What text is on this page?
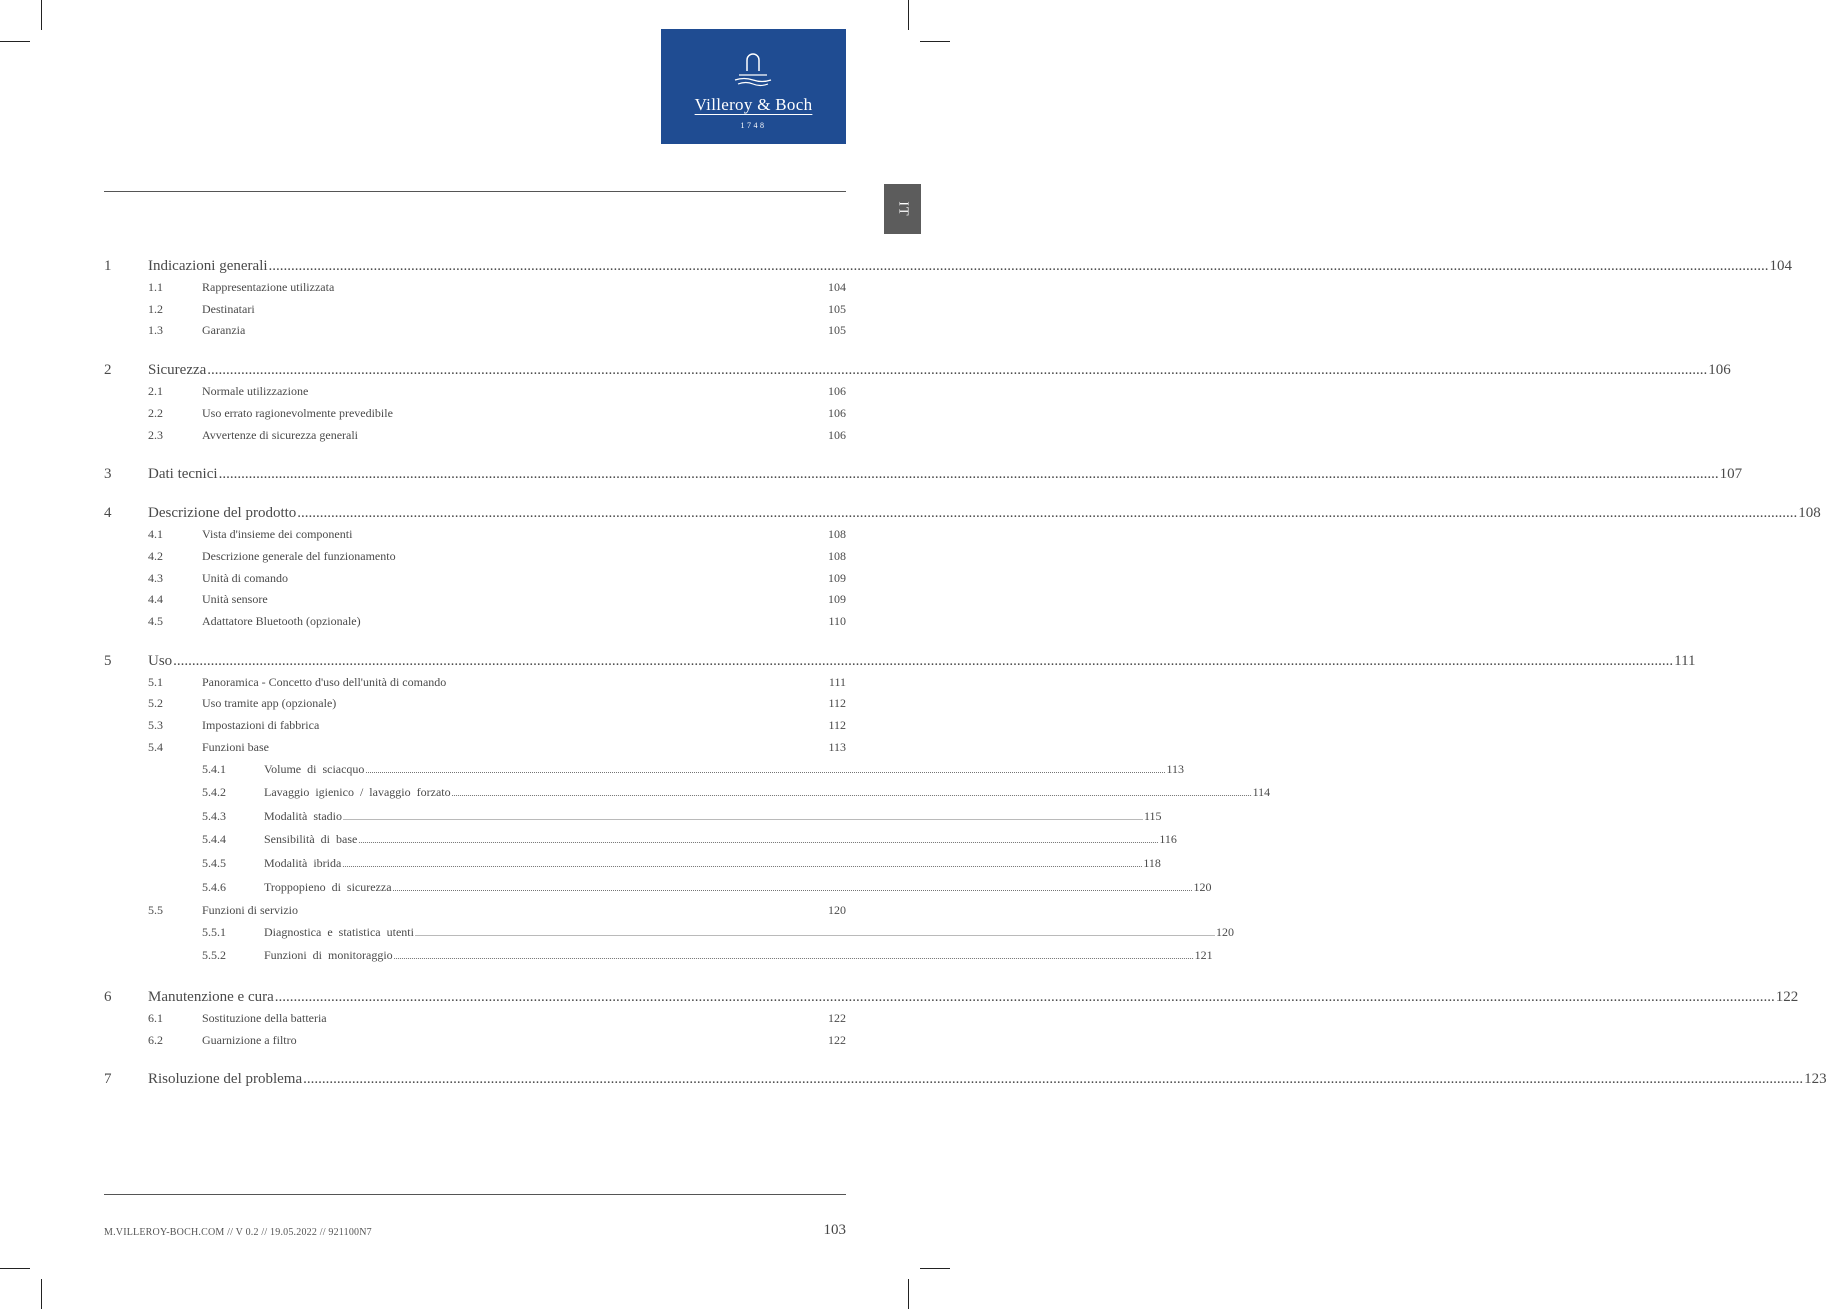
Villeroy & Boch
1748
IT
1 Indicazioni generali ................................................................................................................................................................................................................................................................................................................................................................................................................ 104
1.1	Rappresentazione utilizzata	104
1.2	Destinatari	105
1.3	Garanzia	105
2 Sicurezza ................................................................................................................................................................................................................................................................................................................................................................................................................ 106
2.1	Normale utilizzazione	106
2.2	Uso errato ragionevolmente prevedibile	106
2.3	Avvertenze di sicurezza generali	106
3 Dati tecnici ................................................................................................................................................................................................................................................................................................................................................................................................................ 107
4 Descrizione del prodotto ................................................................................................................................................................................................................................................................................................................................................................................................................ 108
4.1	Vista d'insieme dei componenti	108
4.2	Descrizione generale del funzionamento	108
4.3	Unità di comando	109
4.4	Unità sensore	109
4.5	Adattatore Bluetooth (opzionale)	110
5 Uso ................................................................................................................................................................................................................................................................................................................................................................................................................ 111
5.1	Panoramica - Concetto d'uso dell'unità di comando	111
5.2	Uso tramite app (opzionale)	112
5.3	Impostazioni di fabbrica	112
5.4	Funzioni base	113
5.4.1	Volume di sciacquo ................................................................................................................................................................................................................................................................................................................................................................................................................ 113
5.4.2	Lavaggio igienico / lavaggio forzato ................................................................................................................................................................................................................................................................................................................................................................................................................ 114
5.4.3	Modalità stadio ................................................................................................................................................................................................................................................................................................................................................................................................................ 115
5.4.4	Sensibilità di base ................................................................................................................................................................................................................................................................................................................................................................................................................ 116
5.4.5	Modalità ibrida ................................................................................................................................................................................................................................................................................................................................................................................................................ 118
5.4.6	Troppopieno di sicurezza ................................................................................................................................................................................................................................................................................................................................................................................................................ 120
5.5	Funzioni di servizio	120
5.5.1	Diagnostica e statistica utenti ................................................................................................................................................................................................................................................................................................................................................................................................................ 120
5.5.2	Funzioni di monitoraggio ................................................................................................................................................................................................................................................................................................................................................................................................................ 121
6 Manutenzione e cura ................................................................................................................................................................................................................................................................................................................................................................................................................ 122
6.1	Sostituzione della batteria	122
6.2	Guarnizione a filtro	122
7 Risoluzione del problema ................................................................................................................................................................................................................................................................................................................................................................................................................ 123
M.VILLEROY-BOCH.COM // V 0.2 // 19.05.2022 // 921100N7	103
